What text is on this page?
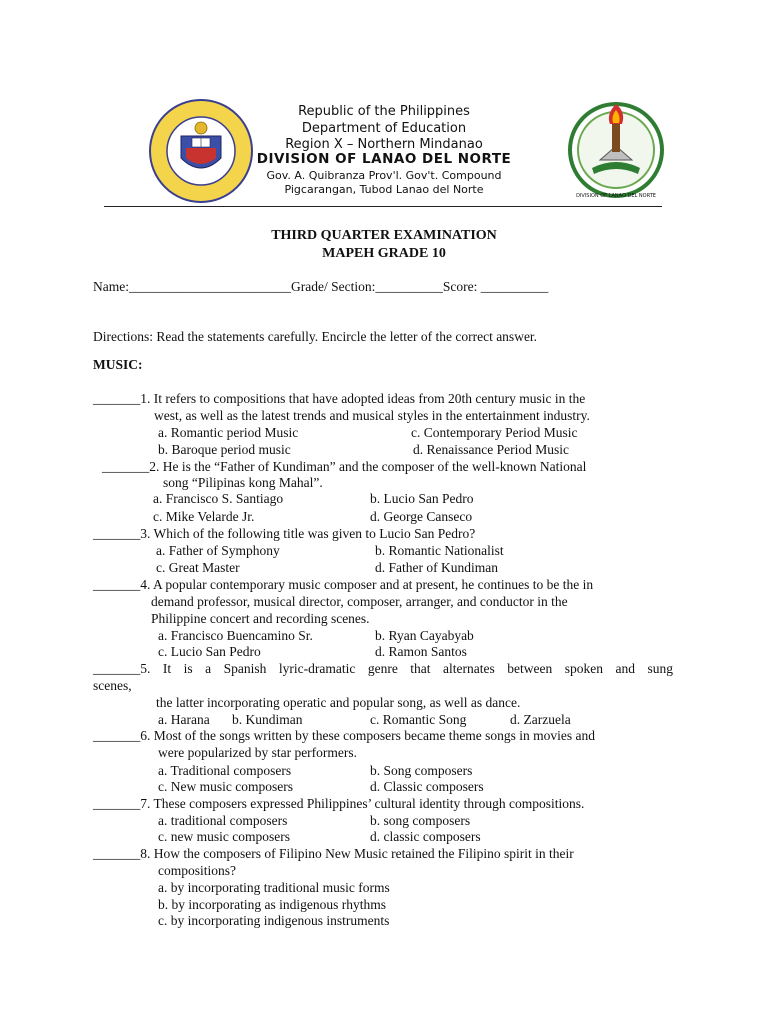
DIVISION OF LANAO DEL NORTE
Republic of the Philippines
Department of Education
Region X – Northern Mindanao
DIVISION OF LANAO DEL NORTE
Gov. A. Quibranza Prov'l. Gov't. Compound
Pigcarangan, Tubod Lanao del Norte
THIRD QUARTER EXAMINATION
MAPEH GRADE 10
Name:________________________Grade/ Section:__________Score: __________
Directions: Read the statements carefully. Encircle the letter of the correct answer.
MUSIC:
_______1. It refers to compositions that have adopted ideas from 20th century music in the
west, as well as the latest trends and musical styles in the entertainment industry.
a. Romantic period Music	c. Contemporary Period Music
b. Baroque period music	d. Renaissance Period Music
_______2. He is the “Father of Kundiman” and the composer of the well-known National
song “Pilipinas kong Mahal”.
a. Francisco S. Santiago	b. Lucio San Pedro
c. Mike Velarde Jr.	d. George Canseco
_______3. Which of the following title was given to Lucio San Pedro?
a. Father of Symphony	b. Romantic Nationalist
c. Great Master	d. Father of Kundiman
_______4. A popular contemporary music composer and at present, he continues to be the in
demand professor, musical director, composer, arranger, and conductor in the
Philippine concert and recording scenes.
a. Francisco Buencamino Sr.	b. Ryan Cayabyab
c. Lucio San Pedro	d. Ramon Santos
_______5. It is a Spanish lyric-dramatic genre that alternates between spoken and sung
scenes,
the latter incorporating operatic and popular song, as well as dance.
a. Harana b. Kundiman	c. Romantic Song	d. Zarzuela
_______6. Most of the songs written by these composers became theme songs in movies and
were popularized by star performers.
a. Traditional composers	b. Song composers
c. New music composers	d. Classic composers
_______7. These composers expressed Philippines’ cultural identity through compositions.
a. traditional composers	b. song composers
c. new music composers	d. classic composers
_______8. How the composers of Filipino New Music retained the Filipino spirit in their
compositions?
a. by incorporating traditional music forms
b. by incorporating as indigenous rhythms
c. by incorporating indigenous instruments
